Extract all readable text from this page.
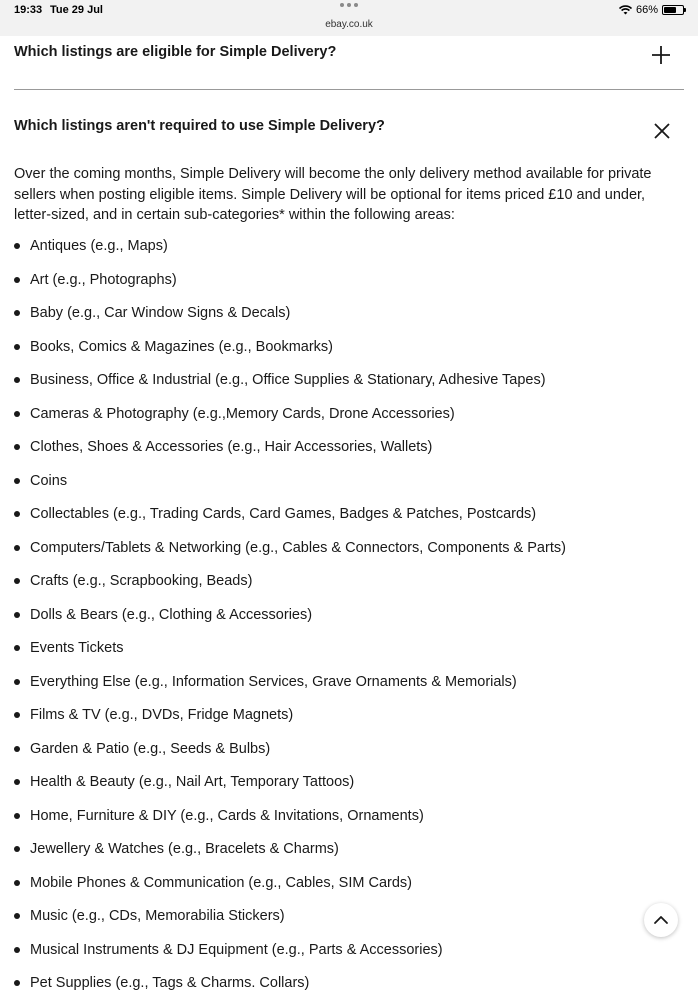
19:33 Tue 29 Jul
ebay.co.uk
66%
Which listings are eligible for Simple Delivery?
Which listings aren't required to use Simple Delivery?

Over the coming months, Simple Delivery will become the only delivery method available for private sellers when posting eligible items. Simple Delivery will be optional for items priced £10 and under, letter-sized, and in certain sub-categories* within the following areas:

Antiques (e.g., Maps)
Art (e.g., Photographs)
Baby (e.g., Car Window Signs & Decals)
Books, Comics & Magazines (e.g., Bookmarks)
Business, Office & Industrial (e.g., Office Supplies & Stationary, Adhesive Tapes)
Cameras & Photography (e.g.,Memory Cards, Drone Accessories)
Clothes, Shoes & Accessories (e.g., Hair Accessories, Wallets)
Coins
Collectables (e.g., Trading Cards, Card Games, Badges & Patches, Postcards)
Computers/Tablets & Networking (e.g., Cables & Connectors, Components & Parts)
Crafts (e.g., Scrapbooking, Beads)
Dolls & Bears (e.g., Clothing & Accessories)
Events Tickets
Everything Else (e.g., Information Services, Grave Ornaments & Memorials)
Films & TV (e.g., DVDs, Fridge Magnets)
Garden & Patio (e.g., Seeds & Bulbs)
Health & Beauty (e.g., Nail Art, Temporary Tattoos)
Home, Furniture & DIY (e.g., Cards & Invitations, Ornaments)
Jewellery & Watches (e.g., Bracelets & Charms)
Mobile Phones & Communication (e.g., Cables, SIM Cards)
Music (e.g., CDs, Memorabilia Stickers)
Musical Instruments & DJ Equipment (e.g., Parts & Accessories)
Pet Supplies (e.g., Tags & Charms. Collars)
